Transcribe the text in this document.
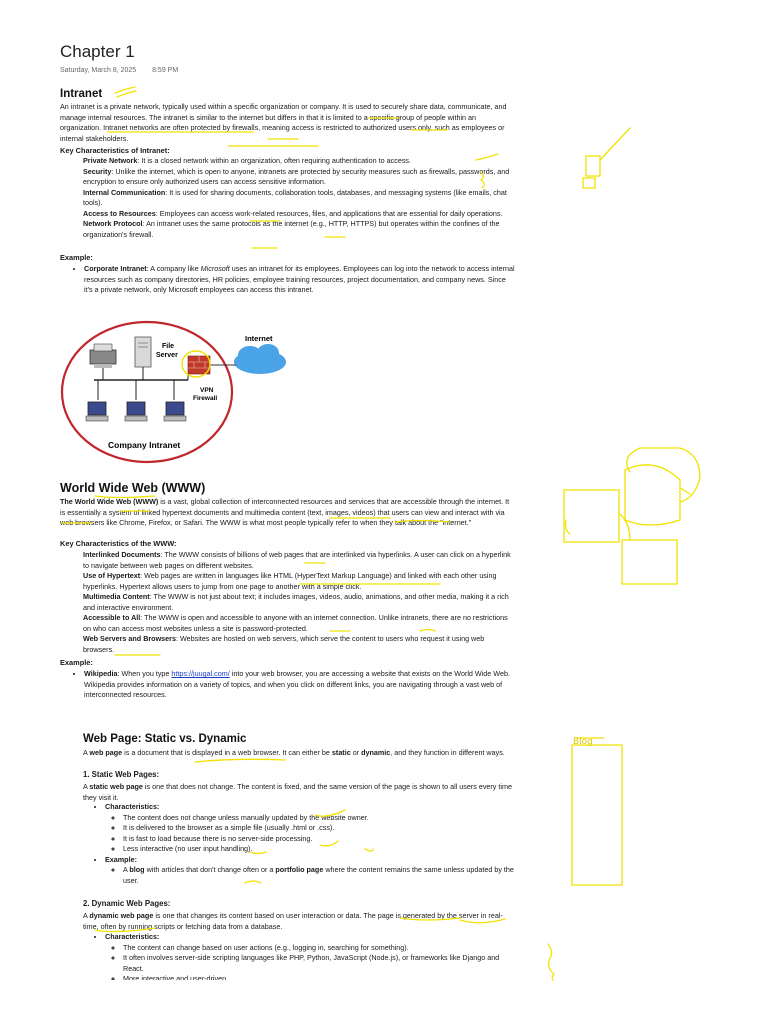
Chapter 1
Saturday, March 8, 2025 8:59 PM
Intranet
An intranet is a private network, typically used within a specific organization or company. It is used to securely share data, communicate, and manage internal resources. The intranet is similar to the internet but differs in that it is limited to a specific group of people within an organization. Intranet networks are often protected by firewalls, meaning access is restricted to authorized users only, such as employees or internal stakeholders.
Key Characteristics of Intranet:
Private Network: It is a closed network within an organization, often requiring authentication to access.
Security: Unlike the internet, which is open to anyone, intranets are protected by security measures such as firewalls, passwords, and encryption to ensure only authorized users can access sensitive information.
Internal Communication: It is used for sharing documents, collaboration tools, databases, and messaging systems (like emails, chat tools).
Access to Resources: Employees can access work-related resources, files, and applications that are essential for daily operations.
Network Protocol: An intranet uses the same protocols as the internet (e.g., HTTP, HTTPS) but operates within the confines of the organization's firewall.
Example:
• Corporate Intranet: A company like Microsoft uses an intranet for its employees. Employees can log into the network to access internal resources such as company directories, HR policies, employee training resources, project documentation, and company news. Since it's a private network, only Microsoft employees can access this intranet.
File Server
VPN Firewall
Internet
Company Intranet
World Wide Web (WWW)
The World Wide Web (WWW) is a vast, global collection of interconnected resources and services that are accessible through the internet. It is essentially a system of linked hypertext documents and multimedia content (text, images, videos) that users can view and interact with via web browsers like Chrome, Firefox, or Safari. The WWW is what most people typically refer to when they talk about the "internet."
Key Characteristics of the WWW:
Interlinked Documents: The WWW consists of billions of web pages that are interlinked via hyperlinks. A user can click on a hyperlink to navigate between web pages on different websites.
Use of Hypertext: Web pages are written in languages like HTML (HyperText Markup Language) and linked with each other using hyperlinks. Hypertext allows users to jump from one page to another with a simple click.
Multimedia Content: The WWW is not just about text; it includes images, videos, audio, animations, and other media, making it a rich and interactive environment.
Accessible to All: The WWW is open and accessible to anyone with an internet connection. Unlike intranets, there are no restrictions on who can access most websites unless a site is password-protected.
Web Servers and Browsers: Websites are hosted on web servers, which serve the content to users who request it using web browsers.
Example:
• Wikipedia: When you type https://juugal.com/ into your web browser, you are accessing a website that exists on the World Wide Web. Wikipedia provides information on a variety of topics, and when you click on different links, you are navigating through a vast web of interconnected resources.
Web Page: Static vs. Dynamic
A web page is a document that is displayed in a web browser. It can either be static or dynamic, and they function in different ways.
1. Static Web Pages:
A static web page is one that does not change. The content is fixed, and the same version of the page is shown to all users every time they visit it.
• Characteristics:
◦ The content does not change unless manually updated by the website owner.
◦ It is delivered to the browser as a simple file (usually .html or .css).
◦ It is fast to load because there is no server-side processing.
◦ Less interactive (no user input handling).
• Example:
◦ A blog with articles that don't change often or a portfolio page where the content remains the same unless updated by the user.
2. Dynamic Web Pages:
A dynamic web page is one that changes its content based on user interaction or data. The page is generated by the server in real-time, often by running scripts or fetching data from a database.
• Characteristics:
◦ The content can change based on user actions (e.g., logging in, searching for something).
◦ It often involves server-side scripting languages like PHP, Python, JavaScript (Node.js), or frameworks like Django and React.
◦ More interactive and user-driven.
Blog
